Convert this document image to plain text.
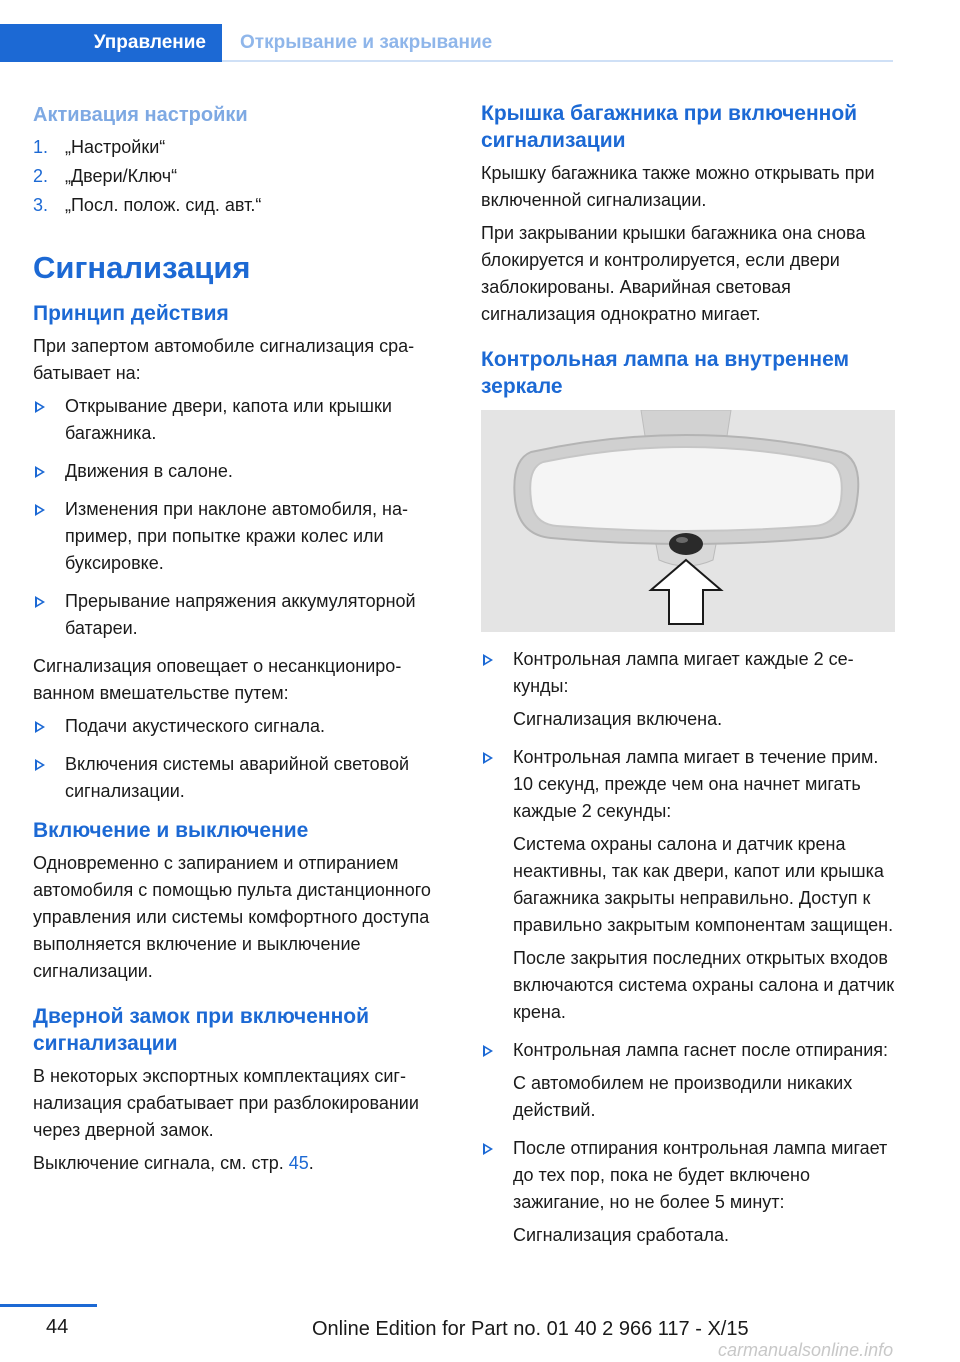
Управление	Открывание и закрывание
Активация настройки
1. „Настройки“
2. „Двери/Ключ“
3. „Посл. полож. сид. авт.“
Сигнализация
Принцип действия

При запертом автомобиле сигнализация срабатывает на:

Открывание двери, капота или крышки багажника.
Движения в салоне.
Изменения при наклоне автомобиля, например, при попытке кражи колес или буксировке.
Прерывание напряжения аккумуляторной батареи.

Сигнализация оповещает о несанкционированном вмешательстве путем:

Подачи акустического сигнала.
Включения системы аварийной световой сигнализации.
Включение и выключение

Одновременно с запиранием и отпиранием автомобиля с помощью пульта дистанционного управления или системы комфортного доступа выполняется включение и выключение сигнализации.

Дверной замок при включенной сигнализации

В некоторых экспортных комплектациях сигнализация срабатывает при разблокировании через дверной замок.

Выключение сигнала, см. стр. 45.

Крышка багажника при включенной сигнализации

Крышку багажника также можно открывать при включенной сигнализации.

При закрывании крышки багажника она снова блокируется и контролируется, если двери заблокированы. Аварийная световая сигнализация однократно мигает.

Контрольная лампа на внутреннем зеркале
Контрольная лампа мигает каждые 2 секунды:
Сигнализация включена.
Контрольная лампа мигает в течение прим. 10 секунд, прежде чем она начнет мигать каждые 2 секунды:
Система охраны салона и датчик крена неактивны, так как двери, капот или крышка багажника закрыты неправильно. Доступ к правильно закрытым компонентам защищен.
После закрытия последних открытых входов включаются система охраны салона и датчик крена.
Контрольная лампа гаснет после отпирания:
С автомобилем не производили никаких действий.
После отпирания контрольная лампа мигает до тех пор, пока не будет включено зажигание, но не более 5 минут:
Сигнализация сработала.
44	Online Edition for Part no. 01 40 2 966 117 - X/15
carmanualsonline.info
